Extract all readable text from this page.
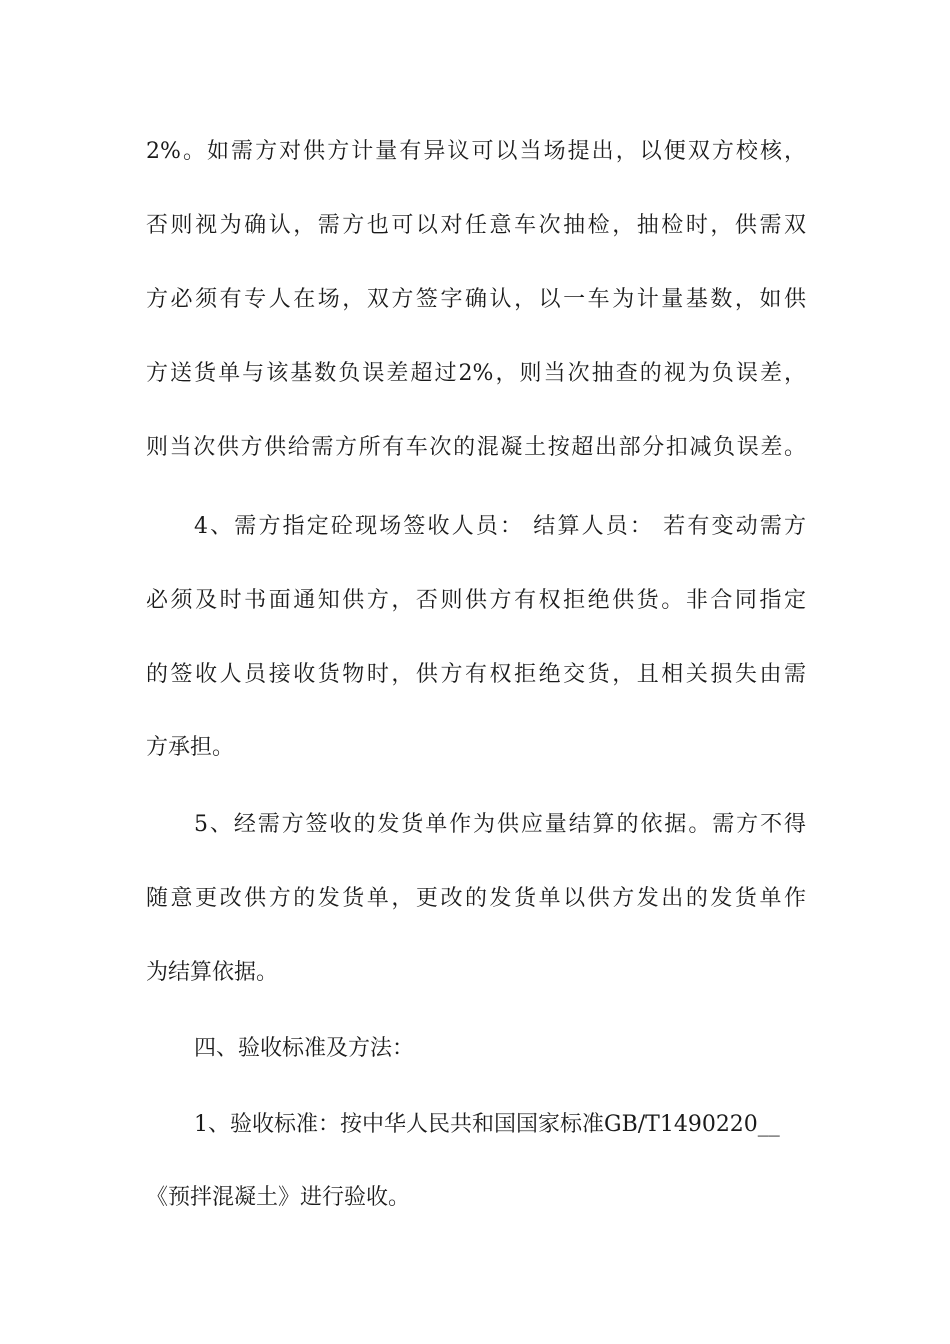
2%。如需方对供方计量有异议可以当场提出，以便双方校核，
否则视为确认，需方也可以对任意车次抽检，抽检时，供需双
方必须有专人在场，双方签字确认，以一车为计量基数，如供
方送货单与该基数负误差超过2%，则当次抽查的视为负误差，
则当次供方供给需方所有车次的混凝土按超出部分扣减负误差。
4、需方指定砼现场签收人员： 结算人员： 若有变动需方
必须及时书面通知供方，否则供方有权拒绝供货。非合同指定
的签收人员接收货物时，供方有权拒绝交货，且相关损失由需
方承担。
5、经需方签收的发货单作为供应量结算的依据。需方不得
随意更改供方的发货单，更改的发货单以供方发出的发货单作
为结算依据。
四、验收标准及方法：
1、验收标准：按中华人民共和国国家标准GB/T1490220__
《预拌混凝土》进行验收。
